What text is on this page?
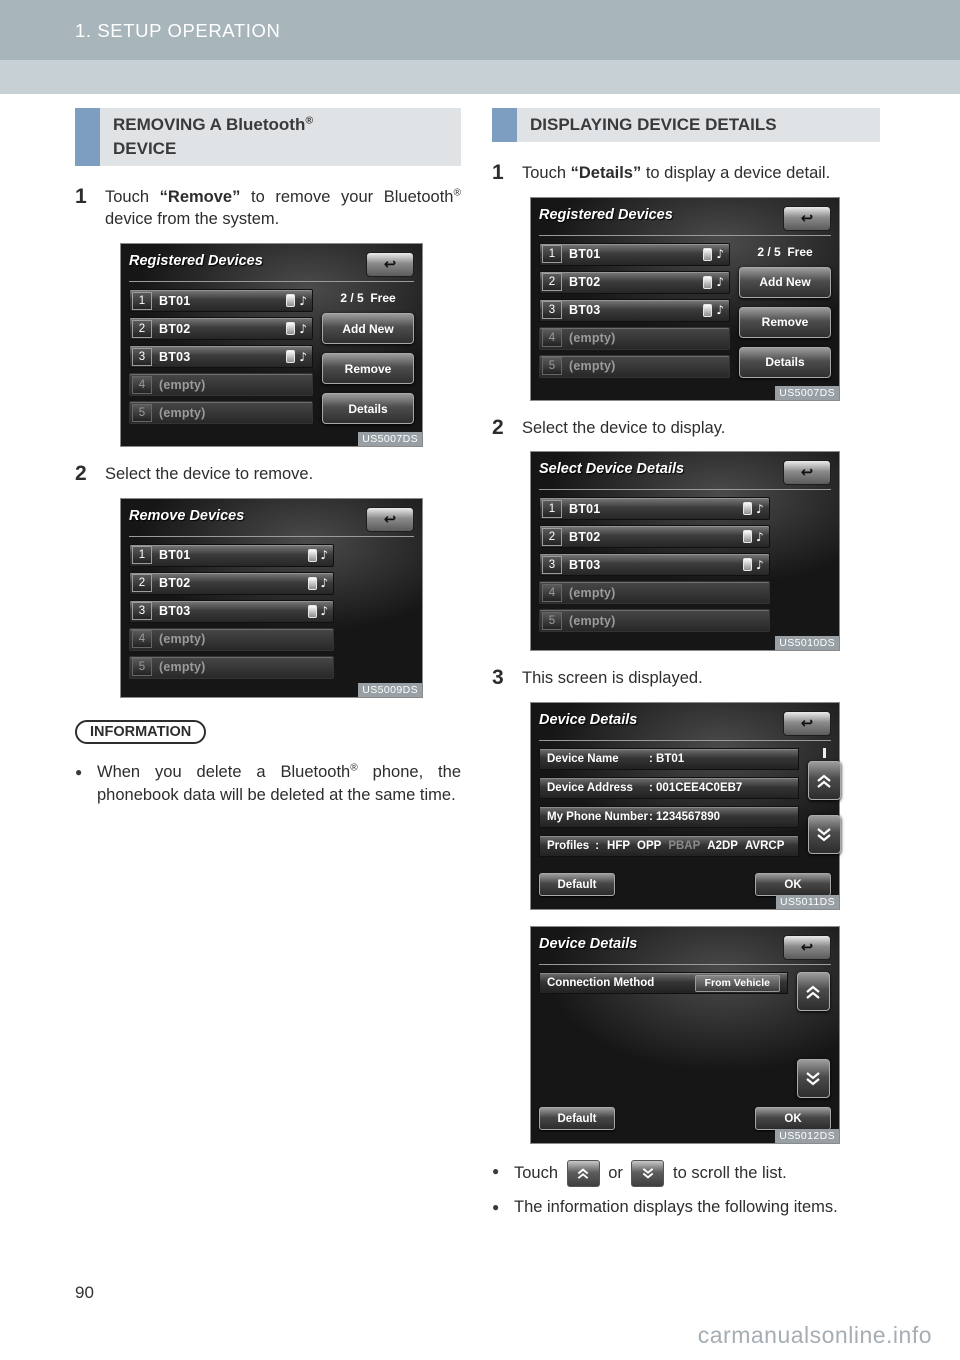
1. SETUP OPERATION
REMOVING A Bluetooth®
DEVICE
1	Touch “Remove” to remove your Bluetooth® device from the system.
Registered Devices	↩
1	BT01	♪
2	BT02	♪
3	BT03	♪
4	(empty)
5	(empty)
2 / 5  Free
Add New
Remove
Details
US5007DS
2	Select the device to remove.
Remove Devices	↩
1	BT01	♪
2	BT02	♪
3	BT03	♪
4	(empty)
5	(empty)
US5009DS
INFORMATION
● When you delete a Bluetooth® phone, the phonebook data will be deleted at the same time.
DISPLAYING DEVICE DETAILS
1	Touch “Details” to display a device detail.
Registered Devices	↩
1	BT01	♪
2	BT02	♪
3	BT03	♪
4	(empty)
5	(empty)
2 / 5  Free
Add New
Remove
Details
US5007DS
2	Select the device to display.
Select Device Details	↩
1	BT01	♪
2	BT02	♪
3	BT03	♪
4	(empty)
5	(empty)
US5010DS
3	This screen is displayed.
Device Details	↩
Device Name	: BT01
Device Address	: 001CEE4C0EB7
My Phone Number : 1234567890
Profiles : HFP OPP PBAP A2DP AVRCP
Default	OK
US5011DS
Device Details	↩
Connection Method	From Vehicle
Default	OK
US5012DS
● Touch
or
to scroll the list.
● The information displays the following items.
90
carmanualsonline.info
